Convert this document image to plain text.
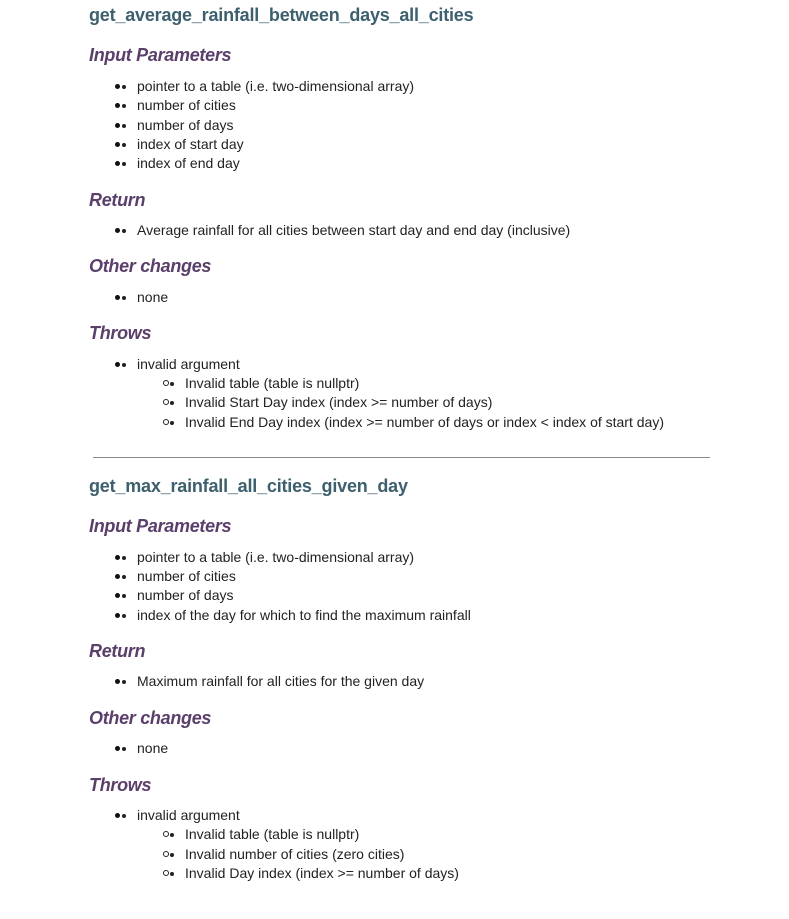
get_average_rainfall_between_days_all_cities
Input Parameters
• pointer to a table (i.e. two-dimensional array)
• number of cities
• number of days
• index of start day
• index of end day
Return
• Average rainfall for all cities between start day and end day (inclusive)
Other changes
• none
Throws
• invalid argument
• Invalid table (table is nullptr)
• Invalid Start Day index (index >= number of days)
• Invalid End Day index (index >= number of days or index < index of start day)
get_max_rainfall_all_cities_given_day
Input Parameters
• pointer to a table (i.e. two-dimensional array)
• number of cities
• number of days
• index of the day for which to find the maximum rainfall
Return
• Maximum rainfall for all cities for the given day
Other changes
• none
Throws
• invalid argument
• Invalid table (table is nullptr)
• Invalid number of cities (zero cities)
• Invalid Day index (index >= number of days)
